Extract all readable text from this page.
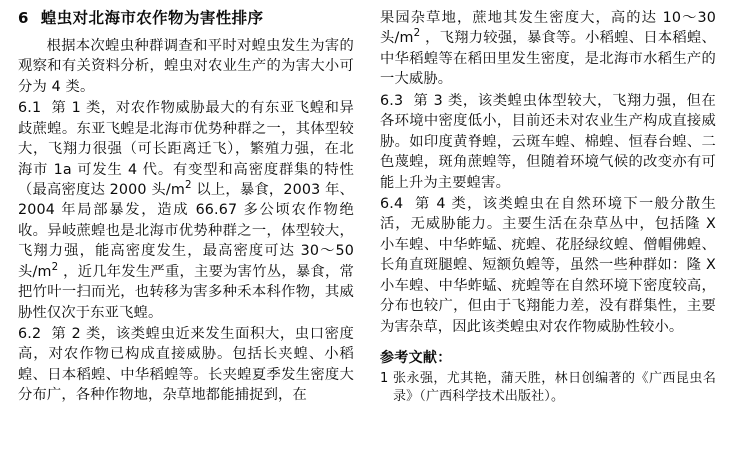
6 蝗虫对北海市农作物为害性排序

根据本次蝗虫种群调查和平时对蝗虫发生为害的观察和有关资料分析，蝗虫对农业生产的为害大小可分为 4 类。

6.1 第 1 类，对农作物威胁最大的有东亚飞蝗和异歧蔗蝗。东亚飞蝗是北海市优势种群之一，其体型较大，飞翔力很强（可长距离迁飞），繁殖力强，在北海市 1a 可发生 4 代。有变型和高密度群集的特性（最高密度达 2000 头$/m^2$ 以上，暴食，2003 年、2004 年局部暴发，造成 66.67 多公顷农作物绝收。异岐蔗蝗也是北海市优势种群之一，体型较大，飞翔力强，能高密度发生，最高密度可达 30～50 头$/m^2$ ，近几年发生严重，主要为害竹丛，暴食，常把竹叶一扫而光，也转移为害多种禾本科作物，其威胁性仅次于东亚飞蝗。

6.2 第 2 类，该类蝗虫近来发生面积大，虫口密度高，对农作物已构成直接威胁。包括长夹蝗、小稻蝗、日本稻蝗、中华稻蝗等。长夹蝗夏季发生密度大分布广，各种作物地，杂草地都能捕捉到，在

果园杂草地，蔗地其发生密度大，高的达 10～30 头$/m^2$ ，飞翔力较强，暴食等。小稻蝗、日本稻蝗、中华稻蝗等在稻田里发生密度，是北海市水稻生产的一大威胁。

6.3 第 3 类，该类蝗虫体型较大，飞翔力强，但在各环境中密度低小，目前还未对农业生产构成直接威胁。如印度黄脊蝗，云斑车蝗、棉蝗、恒春台蝗、二色蔑蝗，斑角蔗蝗等，但随着环境气候的改变亦有可能上升为主要蝗害。

6.4 第 4 类，该类蝗虫在自然环境下一般分散生活，无威胁能力。主要生活在杂草丛中，包括隆 X 小车蝗、中华蚱蜢、疣蝗、花胫绿纹蝗、僧帽佛蝗、长角直斑腿蝗、短额负蝗等，虽然一些种群如：隆 X 小车蝗、中华蚱蜢、疣蝗等在自然环境下密度较高，分布也较广，但由于飞翔能力差，没有群集性，主要为害杂草，因此该类蝗虫对农作物威胁性较小。

参考文献：

1 张永强，尤其艳，蒲天胜，林日创编著的《广西昆虫名录》（广西科学技术出版社）。
